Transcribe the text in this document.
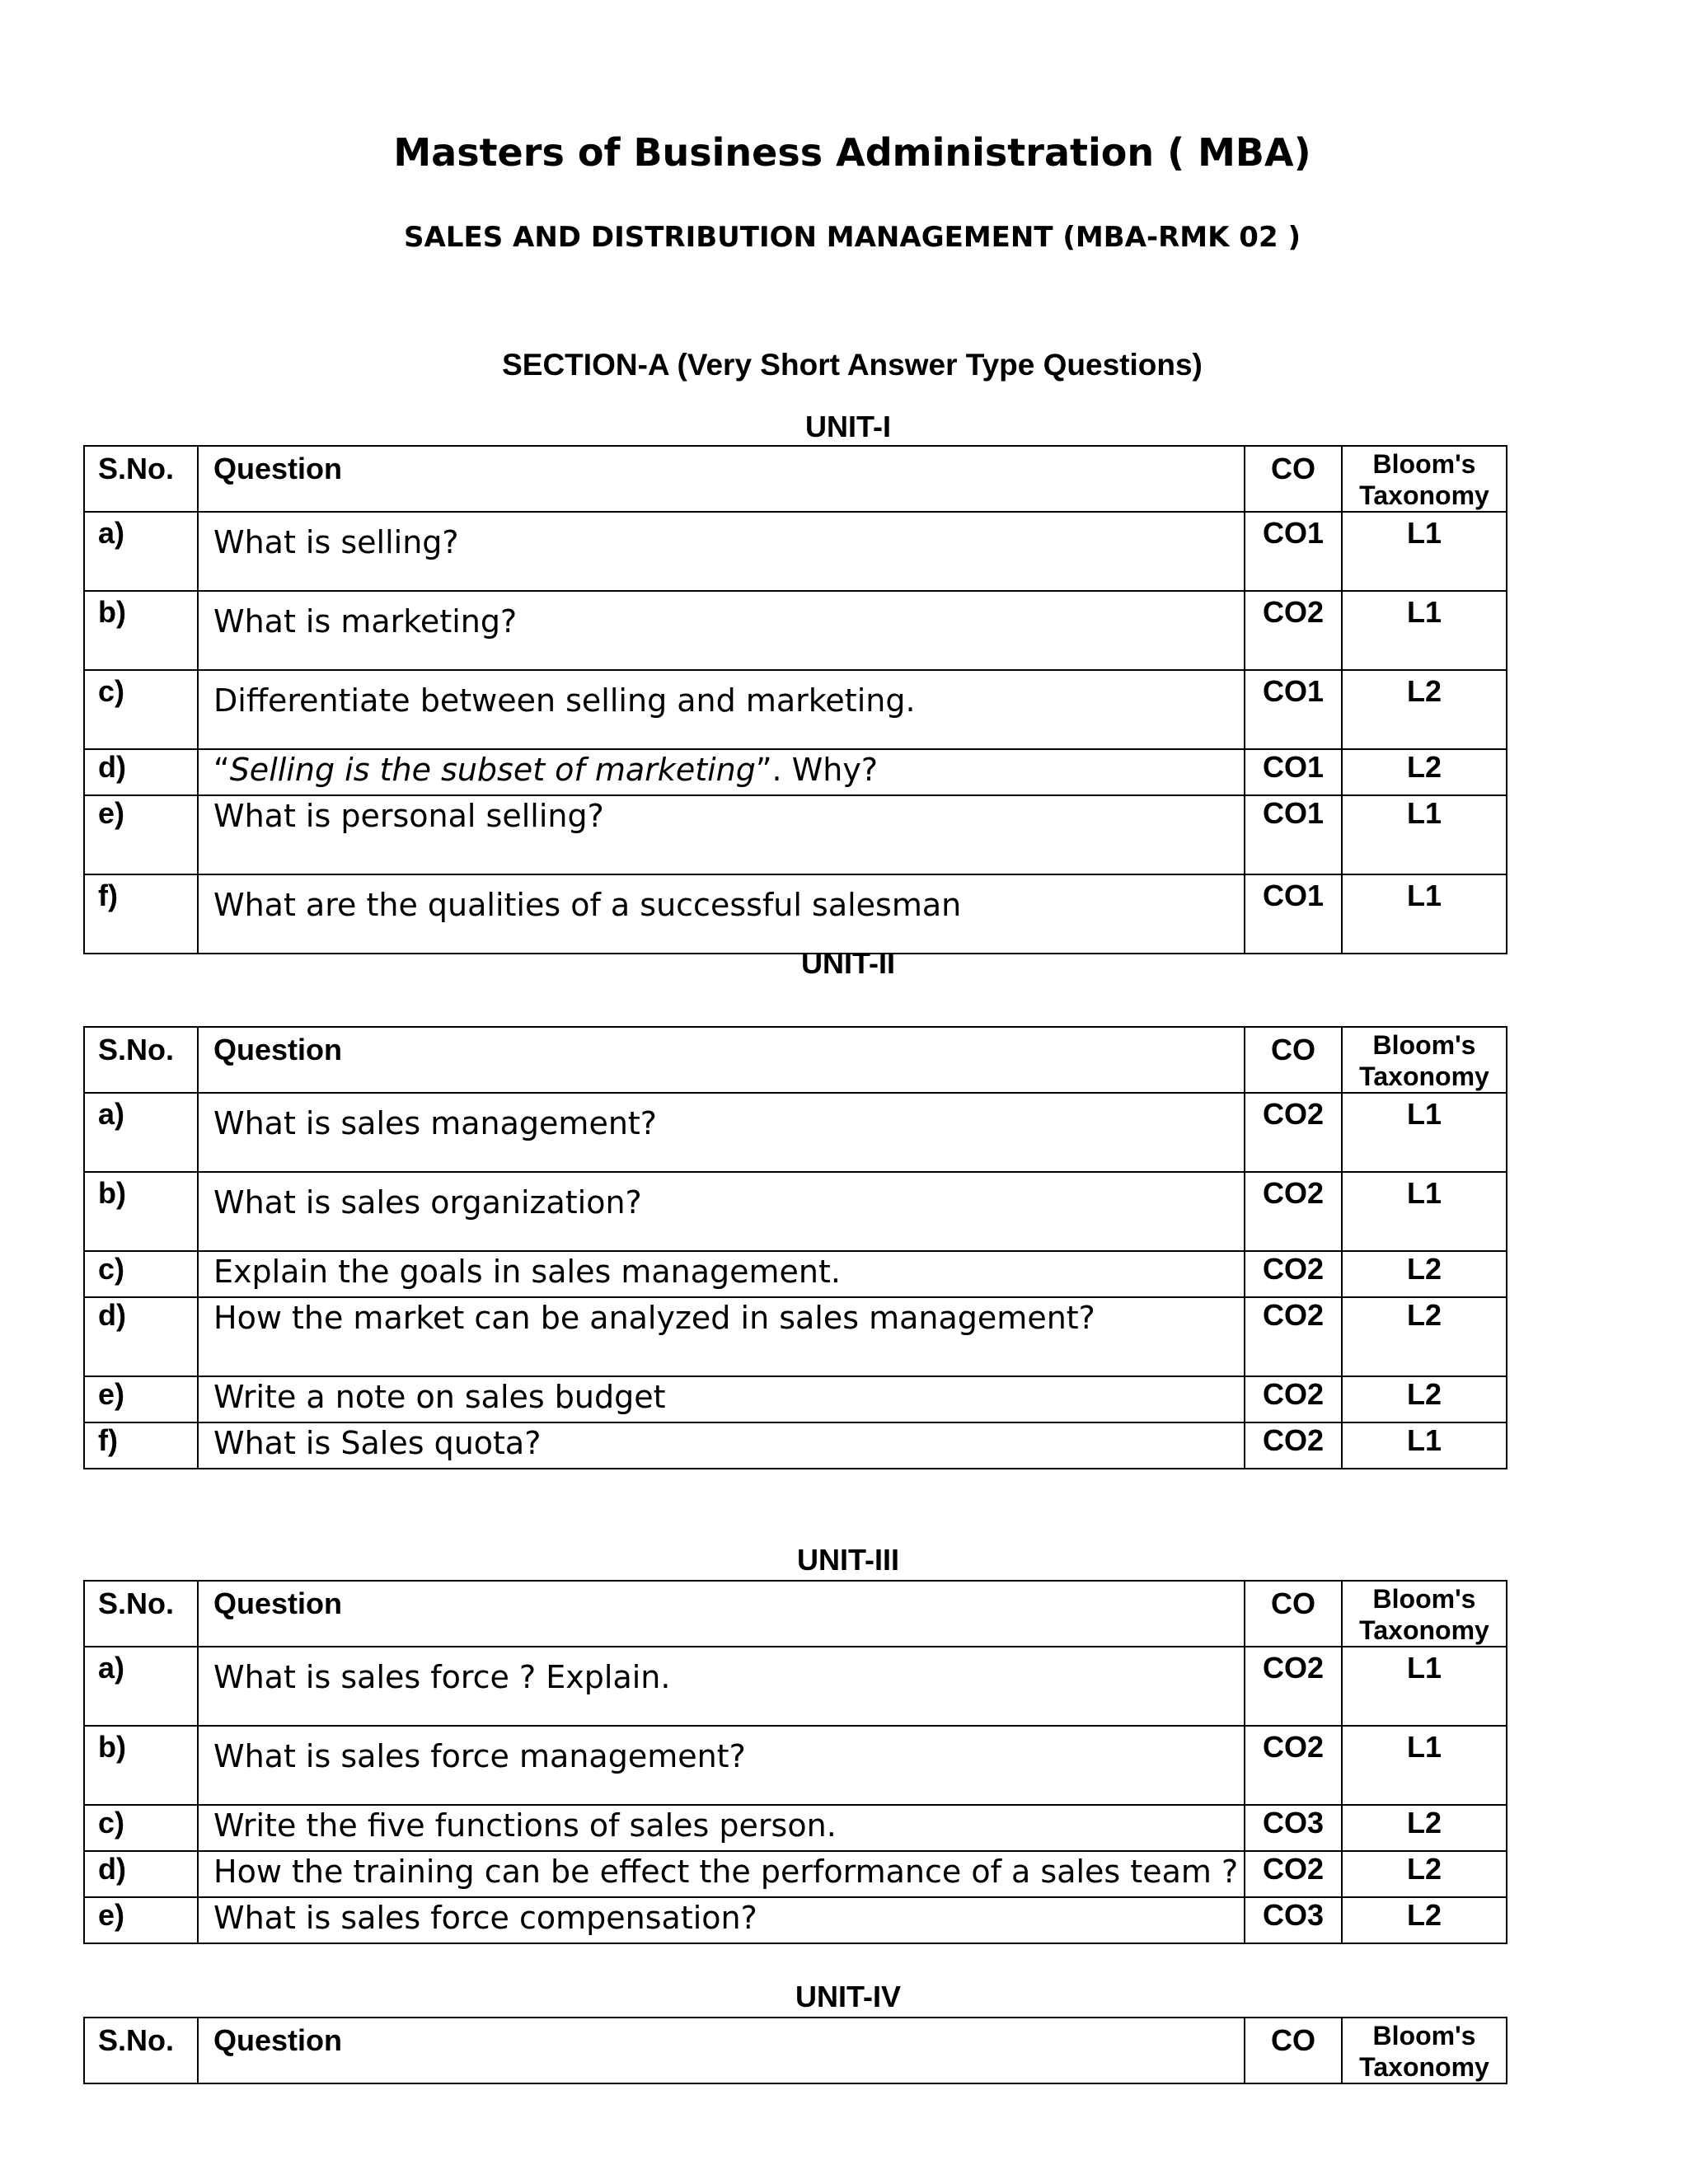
Masters of Business Administration ( MBA)
SALES AND DISTRIBUTION MANAGEMENT (MBA-RMK 02 )
SECTION-A (Very Short Answer Type Questions)
UNIT-I
S.No.	Question	CO	Bloom's
Taxonomy
a)	What is selling?	CO1	L1
b)	What is marketing?	CO2	L1
c)	Differentiate between selling and marketing.	CO1	L2
d)	“Selling is the subset of marketing”. Why?	CO1	L2
e)	What is personal selling?	CO1	L1
f)	What are the qualities of a successful salesman	CO1	L1
UNIT-II
S.No.	Question	CO	Bloom's
Taxonomy
a)	What is sales management?	CO2	L1
b)	What is sales organization?	CO2	L1
c)	Explain the goals in sales management.	CO2	L2
d)	How the market can be analyzed in sales management?	CO2	L2
e)	Write a note on sales budget	CO2	L2
f)	What is Sales quota?	CO2	L1
UNIT-III
S.No.	Question	CO	Bloom's
Taxonomy
a)	What is sales force ? Explain.	CO2	L1
b)	What is sales force management?	CO2	L1
c)	Write the five functions of sales person.	CO3	L2
d)	How the training can be effect the performance of a sales team ?	CO2	L2
e)	What is sales force compensation?	CO3	L2
UNIT-IV
S.No.	Question	CO	Bloom's
Taxonomy
